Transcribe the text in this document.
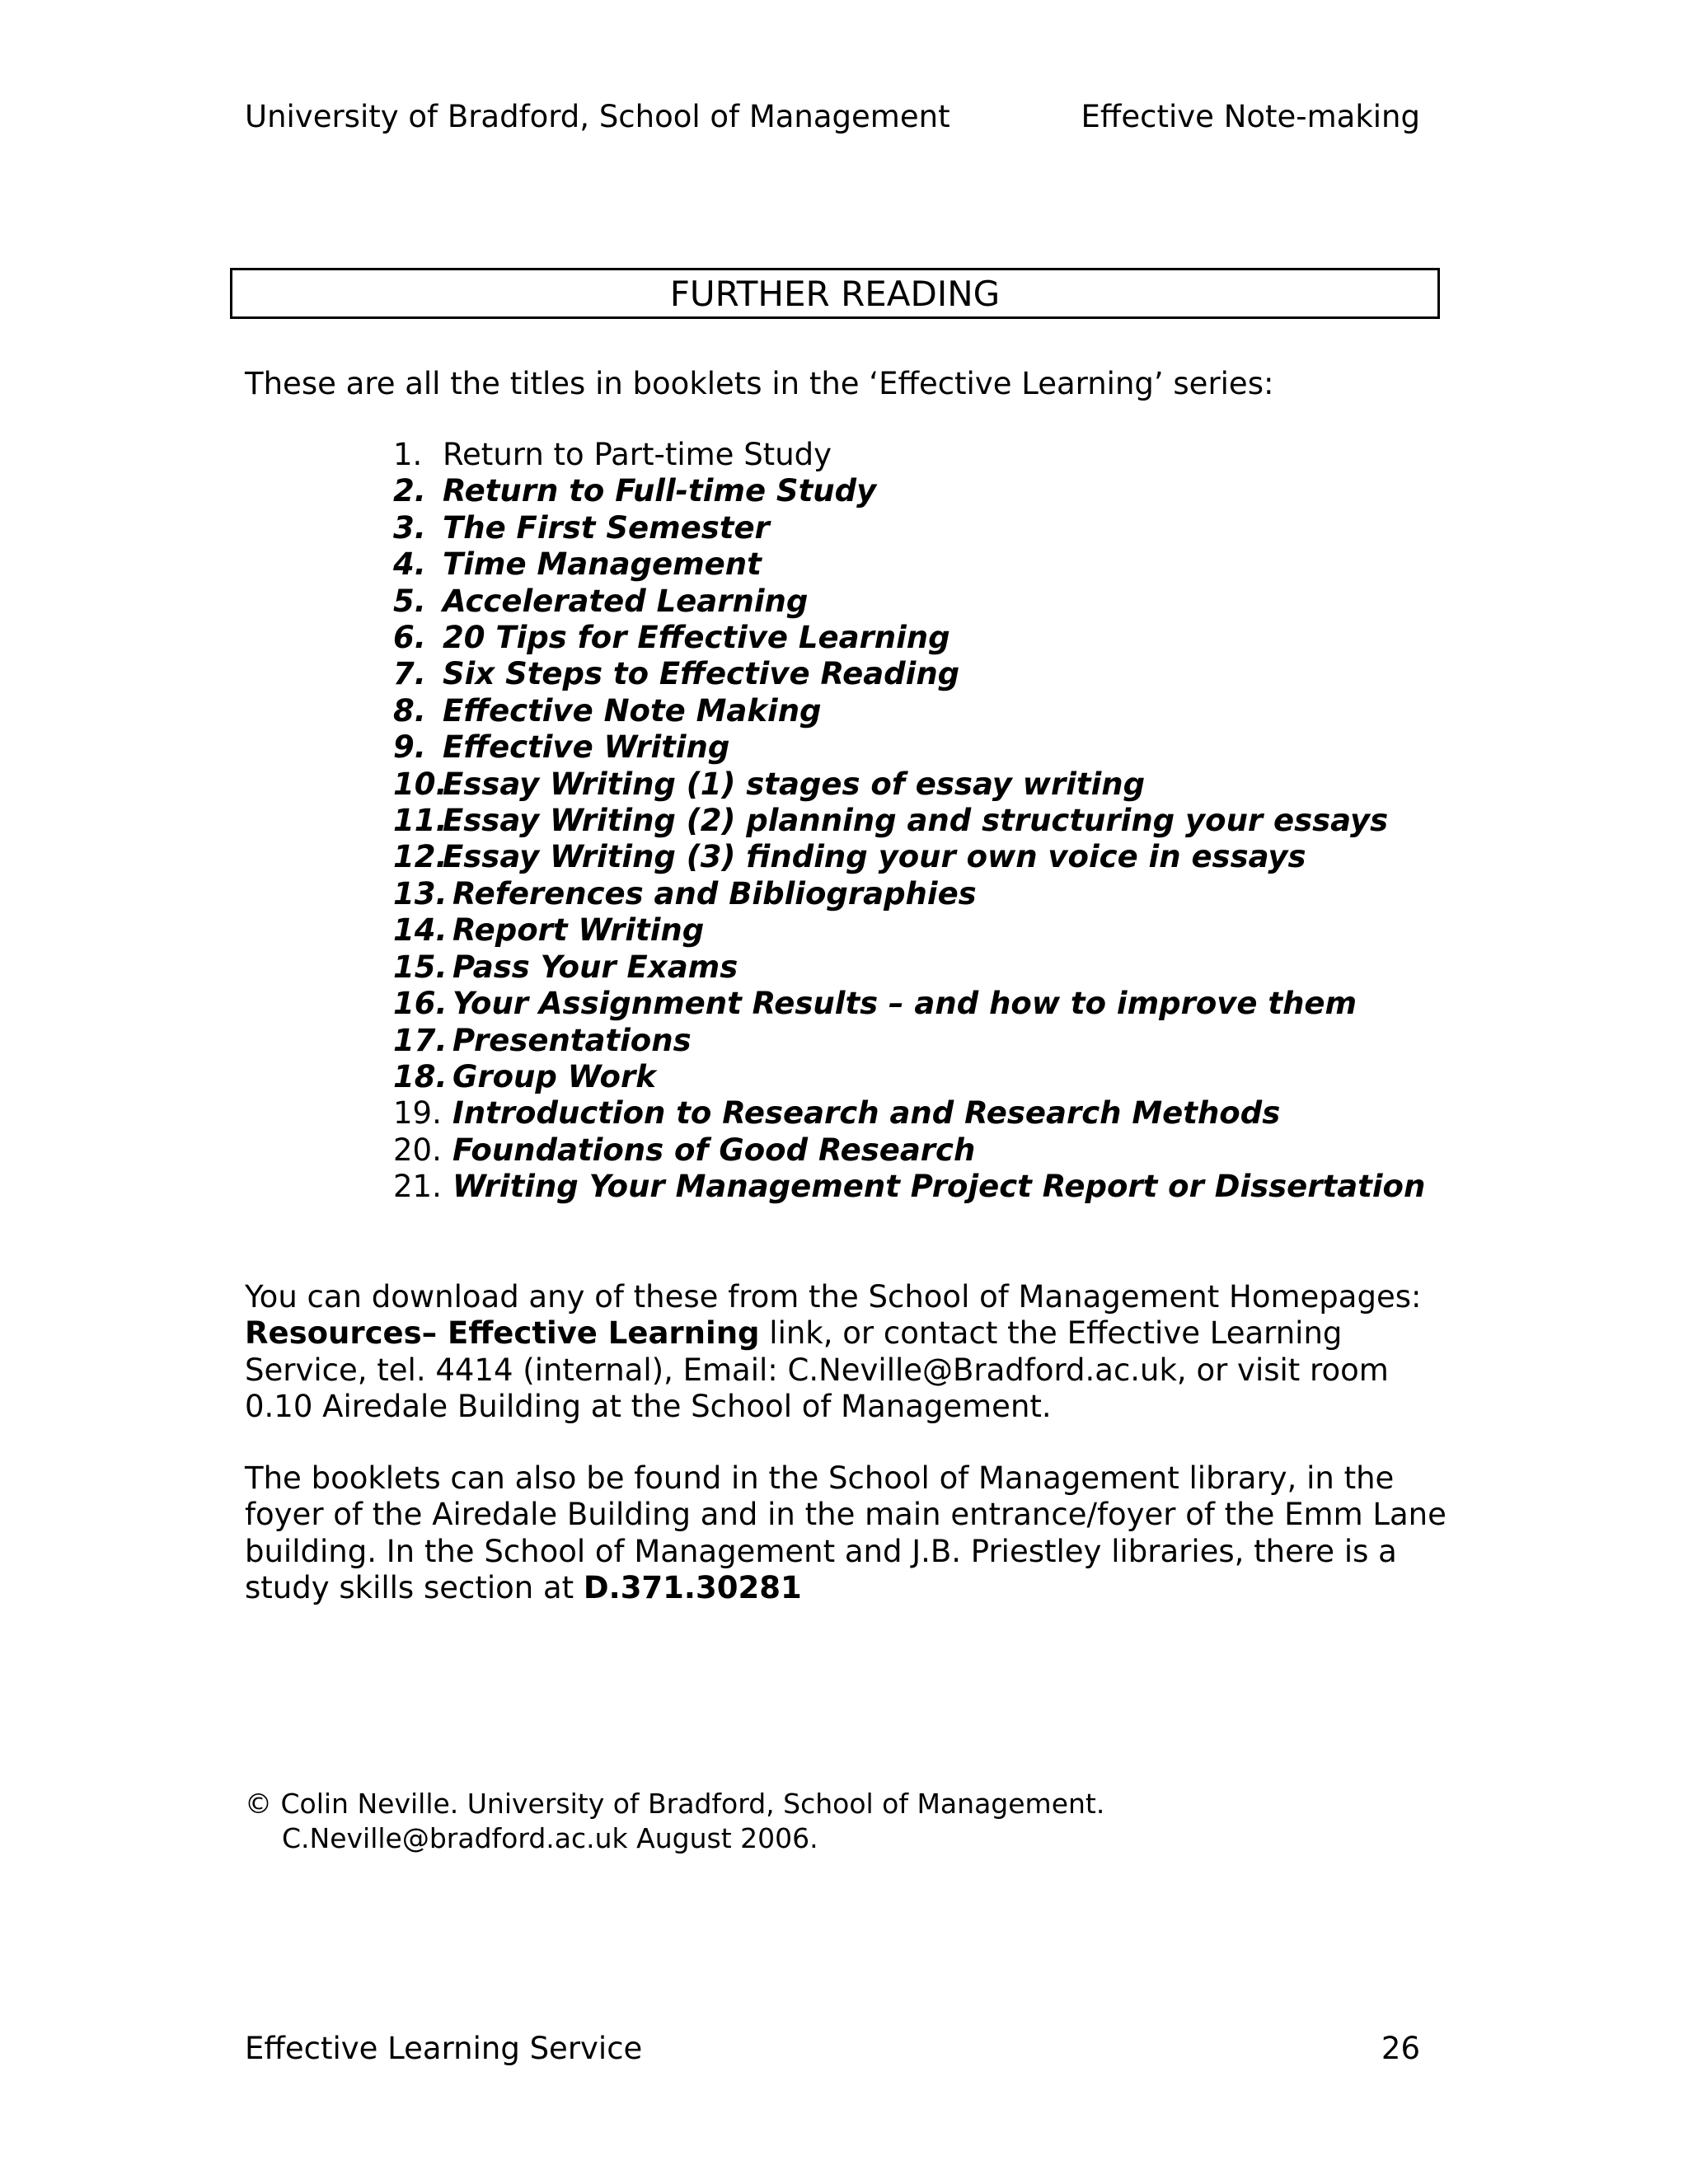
University of Bradford, School of Management	Effective Note-making
FURTHER READING
These are all the titles in booklets in the ‘Effective Learning’ series:
1. Return to Part-time Study
2. Return to Full-time Study
3. The First Semester
4. Time Management
5. Accelerated Learning
6. 20 Tips for Effective Learning
7. Six Steps to Effective Reading
8. Effective Note Making
9. Effective Writing
10.Essay Writing (1) stages of essay writing
11.Essay Writing (2) planning and structuring your essays
12.Essay Writing (3) finding your own voice in essays
13. References and Bibliographies
14. Report Writing
15. Pass Your Exams
16. Your Assignment Results – and how to improve them
17. Presentations
18. Group Work
19. Introduction to Research and Research Methods
20. Foundations of Good Research
21. Writing Your Management Project Report or Dissertation

You can download any of these from the School of Management Homepages:
Resources– Effective Learning link, or contact the Effective Learning Service, tel. 4414 (internal), Email: C.Neville@Bradford.ac.uk, or visit room 0.10 Airedale Building at the School of Management.

The booklets can also be found in the School of Management library, in the foyer of the Airedale Building and in the main entrance/foyer of the Emm Lane building. In the School of Management and J.B. Priestley libraries, there is a study skills section at D.371.30281

© Colin Neville. University of Bradford, School of Management.
C.Neville@bradford.ac.uk August 2006.
Effective Learning Service	26
